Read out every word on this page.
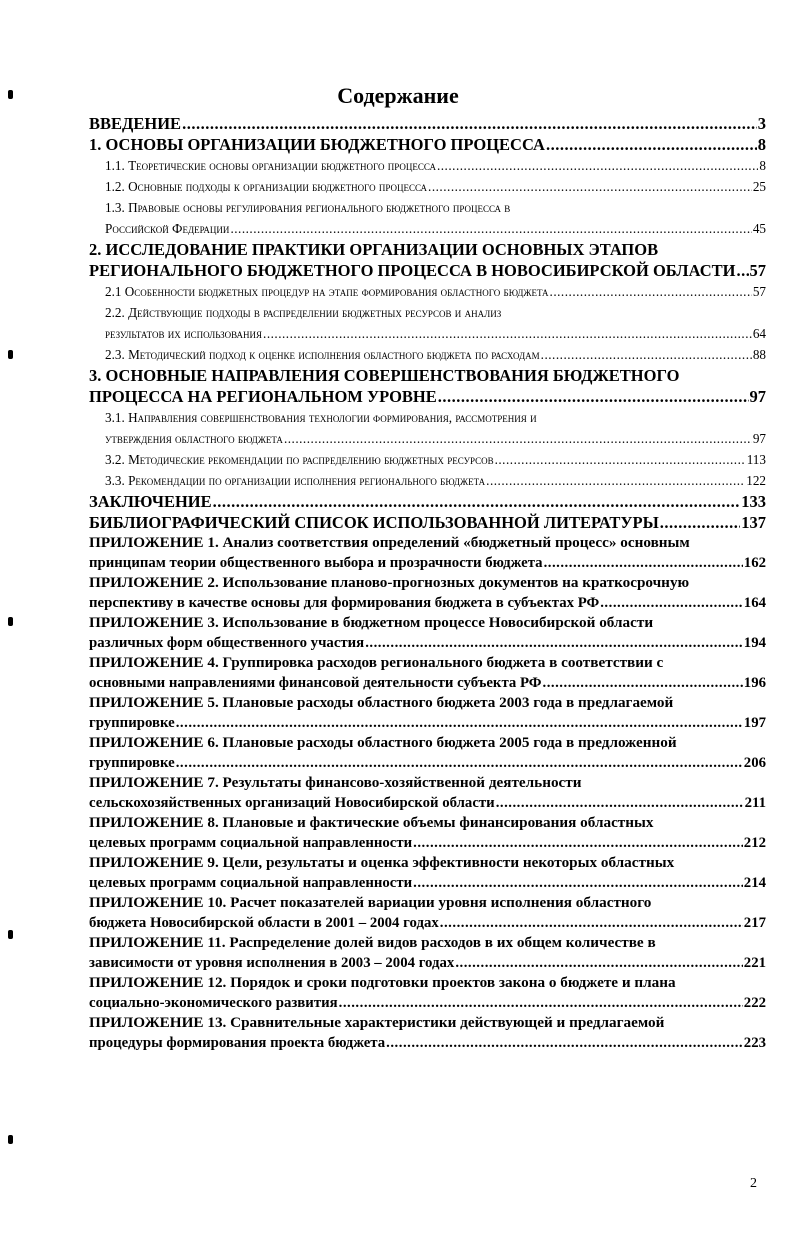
Содержание
ВВЕДЕНИЕ .....	3
1. ОСНОВЫ ОРГАНИЗАЦИИ БЮДЖЕТНОГО ПРОЦЕССА .....	8
1.1. Теоретические основы организации бюджетного процесса .....	8
1.2. Основные подходы к организации бюджетного процесса .....	25
1.3. Правовые основы регулирования регионального бюджетного процесса в
Российской Федерации .....	45
2. ИССЛЕДОВАНИЕ ПРАКТИКИ ОРГАНИЗАЦИИ ОСНОВНЫХ ЭТАПОВ
РЕГИОНАЛЬНОГО БЮДЖЕТНОГО ПРОЦЕССА В НОВОСИБИРСКОЙ ОБЛАСТИ ..... 57
2.1 Особенности бюджетных процедур на этапе формирования областного бюджета .....	57
2.2. Действующие подходы в распределении бюджетных ресурсов и анализ
результатов их использования .....	64
2.3. Методический подход к оценке исполнения областного бюджета по расходам .....	88
3. ОСНОВНЫЕ НАПРАВЛЕНИЯ СОВЕРШЕНСТВОВАНИЯ БЮДЖЕТНОГО
ПРОЦЕССА НА РЕГИОНАЛЬНОМ УРОВНЕ .....	97
3.1. Направления совершенствования технологии формирования, рассмотрения и
утверждения областного бюджета .....	97
3.2. Методические рекомендации по распределению бюджетных ресурсов .....	113
3.3. Рекомендации по организации исполнения регионального бюджета .....	122
ЗАКЛЮЧЕНИЕ .....	133
БИБЛИОГРАФИЧЕСКИЙ СПИСОК ИСПОЛЬЗОВАННОЙ ЛИТЕРАТУРЫ .....	137
ПРИЛОЖЕНИЕ 1. Анализ соответствия определений «бюджетный процесс» основным
принципам теории общественного выбора и прозрачности бюджета .....	162
ПРИЛОЖЕНИЕ 2. Использование планово-прогнозных документов на краткосрочную
перспективу в качестве основы для формирования бюджета в субъектах РФ .....	164
ПРИЛОЖЕНИЕ 3. Использование в бюджетном процессе Новосибирской области
различных форм общественного участия .....	194
ПРИЛОЖЕНИЕ 4. Группировка расходов регионального бюджета в соответствии с
основными направлениями финансовой деятельности субъекта РФ .....	196
ПРИЛОЖЕНИЕ 5. Плановые расходы областного бюджета 2003 года в предлагаемой
группировке .....	197
ПРИЛОЖЕНИЕ 6. Плановые расходы областного бюджета 2005 года в предложенной
группировке .....	206
ПРИЛОЖЕНИЕ 7. Результаты финансово-хозяйственной деятельности
сельскохозяйственных организаций Новосибирской области .....	211
ПРИЛОЖЕНИЕ 8. Плановые и фактические объемы финансирования областных
целевых программ социальной направленности .....	212
ПРИЛОЖЕНИЕ 9. Цели, результаты и оценка эффективности некоторых областных
целевых программ социальной направленности .....	214
ПРИЛОЖЕНИЕ 10. Расчет показателей вариации уровня исполнения областного
бюджета Новосибирской области в 2001 – 2004 годах .....	217
ПРИЛОЖЕНИЕ 11. Распределение долей видов расходов в их общем количестве в
зависимости от уровня исполнения в 2003 – 2004 годах .....	221
ПРИЛОЖЕНИЕ 12. Порядок и сроки подготовки проектов закона о бюджете и плана
социально-экономического развития .....	222
ПРИЛОЖЕНИЕ 13. Сравнительные характеристики действующей и предлагаемой
процедуры формирования проекта бюджета .....	223
2
